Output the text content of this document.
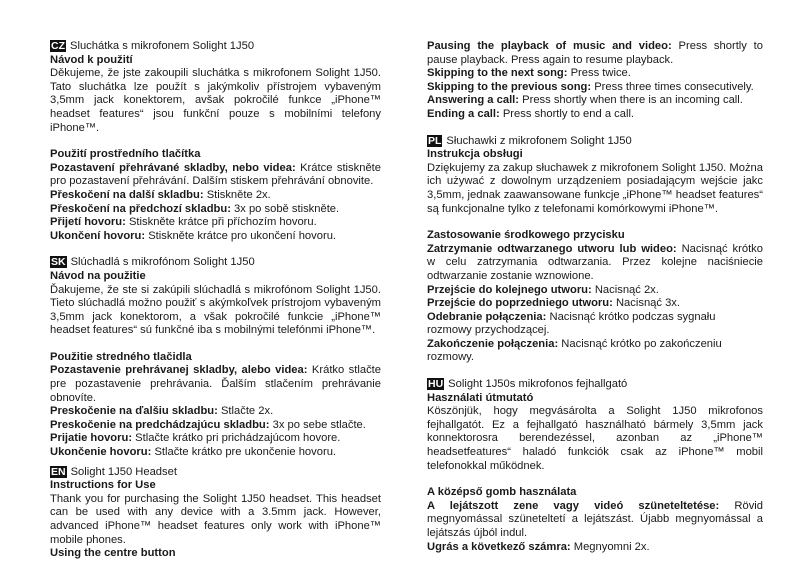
CZ Sluchátka s mikrofonem Solight 1J50
Návod k použití

Děkujeme, že jste zakoupili sluchátka s mikrofonem Solight 1J50. Tato sluchátka lze použít s jakýmkoliv přístrojem vybaveným 3,5mm jack konektorem, avšak pokročilé funkce „iPhone™ headset features“ jsou funkční pouze s mobilními telefony iPhone™.

Použití prostředního tlačítka

Pozastavení přehrávané skladby, nebo videa: Krátce stiskněte pro pozastavení přehrávání. Dalším stiskem přehrávání obnovite.

Přeskočení na další skladbu: Stiskněte 2x.

Přeskočení na předchozí skladbu: 3x po sobě stiskněte.

Přijetí hovoru: Stiskněte krátce při příchozím hovoru.

Ukončení hovoru: Stiskněte krátce pro ukončení hovoru.

SK Slúchadlá s mikrofónom Solight 1J50
Návod na použitie

Ďakujeme, že ste si zakúpili slúchadlá s mikrofónom Solight 1J50. Tieto slúchadlá možno použiť s akýmkoľvek prístrojom vybaveným 3,5mm jack konektorom, a však pokročilé funkcie „iPhone™ headset features“ sú funkčné iba s mobilnými telefónmi iPhone™.

Použitie stredného tlačidla

Pozastavenie prehrávanej skladby, alebo videa: Krátko stlačte pre pozastavenie prehrávania. Ďalším stlačením prehrávanie obnovíte.

Preskočenie na ďalšiu skladbu: Stlačte 2x.

Preskočenie na predchádzajúcu skladbu: 3x po sebe stlačte.

Prijatie hovoru: Stlačte krátko pri prichádzajúcom hovore.

Ukončenie hovoru: Stlačte krátko pre ukončenie hovoru.

EN Solight 1J50 Headset
Instructions for Use

Thank you for purchasing the Solight 1J50 headset. This headset can be used with any device with a 3.5mm jack. However, advanced iPhone™ headset features only work with iPhone™ mobile phones.

Using the centre button

Pausing the playback of music and video: Press shortly to pause playback. Press again to resume playback.

Skipping to the next song: Press twice.

Skipping to the previous song: Press three times consecutively.

Answering a call: Press shortly when there is an incoming call.

Ending a call: Press shortly to end a call.

PL Słuchawki z mikrofonem Solight 1J50
Instrukcja obsługi

Dziękujemy za zakup słuchawek z mikrofonem Solight 1J50. Można ich używać z dowolnym urządzeniem posiadającym wejście jakc 3,5mm, jednak zaawansowane funkcje „iPhone™ headset features“ są funkcjonalne tylko z telefonami komórkowymi iPhone™.

Zastosowanie środkowego przycisku

Zatrzymanie odtwarzanego utworu lub wideo: Nacisnąć krótko w celu zatrzymania odtwarzania. Przez kolejne naciśniecie odtwarzanie zostanie wznowione.

Przejście do kolejnego utworu: Nacisnąć 2x.

Przejście do poprzedniego utworu: Nacisnąć 3x.

Odebranie połączenia: Nacisnąć krótko podczas sygnału rozmowy przychodzącej.

Zakończenie połączenia: Nacisnąć krótko po zakończeniu rozmowy.

HU Solight 1J50s mikrofonos fejhallgató
Használati útmutató

Köszönjük, hogy megvásárolta a Solight 1J50 mikrofonos fejhallgatót. Ez a fejhallgató használható bármely 3,5mm jack konnektorosra berendezéssel, azonban az „iPhone™ headsetfeatures“ haladó funkciók csak az iPhone™ mobil telefonokkal működnek.

A középső gomb használata

A lejátszott zene vagy videó szüneteltetése: Rövid megnyomással szüneteltetí a lejátszást. Újabb megnyomással a lejátszás újból indul.

Ugrás a következő számra: Megnyomni 2x.
